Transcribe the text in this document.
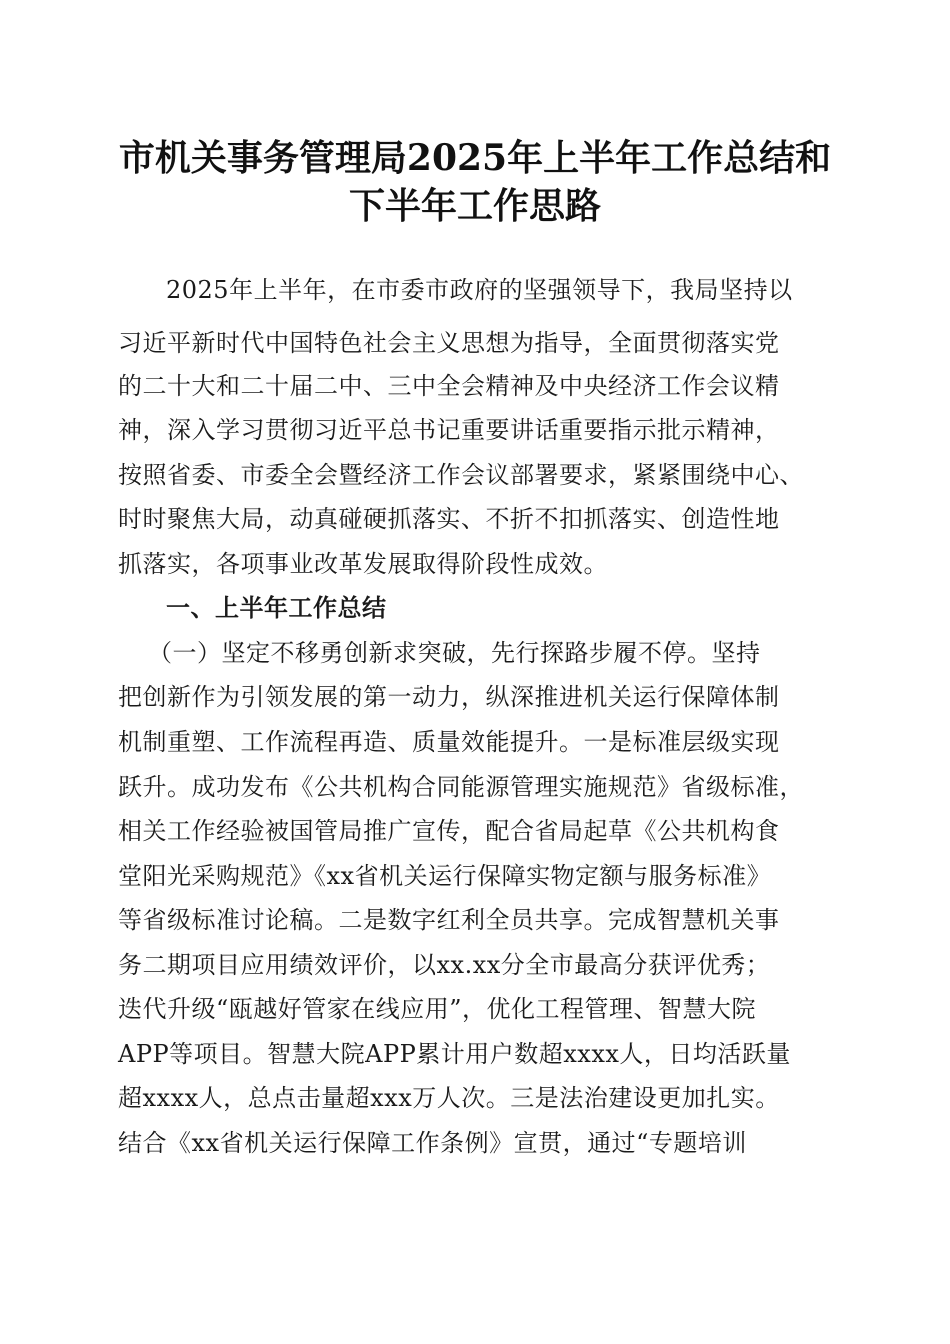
市机关事务管理局2025年上半年工作总结和
下半年工作思路
2025年上半年，在市委市政府的坚强领导下，我局坚持以
习近平新时代中国特色社会主义思想为指导，全面贯彻落实党
的二十大和二十届二中、三中全会精神及中央经济工作会议精
神，深入学习贯彻习近平总书记重要讲话重要指示批示精神，
按照省委、市委全会暨经济工作会议部署要求，紧紧围绕中心、
时时聚焦大局，动真碰硬抓落实、不折不扣抓落实、创造性地
抓落实，各项事业改革发展取得阶段性成效。
一、上半年工作总结
（一）坚定不移勇创新求突破，先行探路步履不停。坚持
把创新作为引领发展的第一动力，纵深推进机关运行保障体制
机制重塑、工作流程再造、质量效能提升。一是标准层级实现
跃升。成功发布《公共机构合同能源管理实施规范》省级标准，
相关工作经验被国管局推广宣传，配合省局起草《公共机构食
堂阳光采购规范》《xx省机关运行保障实物定额与服务标准》
等省级标准讨论稿。二是数字红利全员共享。完成智慧机关事
务二期项目应用绩效评价，以xx.xx分全市最高分获评优秀；
迭代升级“瓯越好管家在线应用”，优化工程管理、智慧大院
APP等项目。智慧大院APP累计用户数超xxxx人，日均活跃量
超xxxx人，总点击量超xxx万人次。三是法治建设更加扎实。
结合《xx省机关运行保障工作条例》宣贯，通过“专题培训
